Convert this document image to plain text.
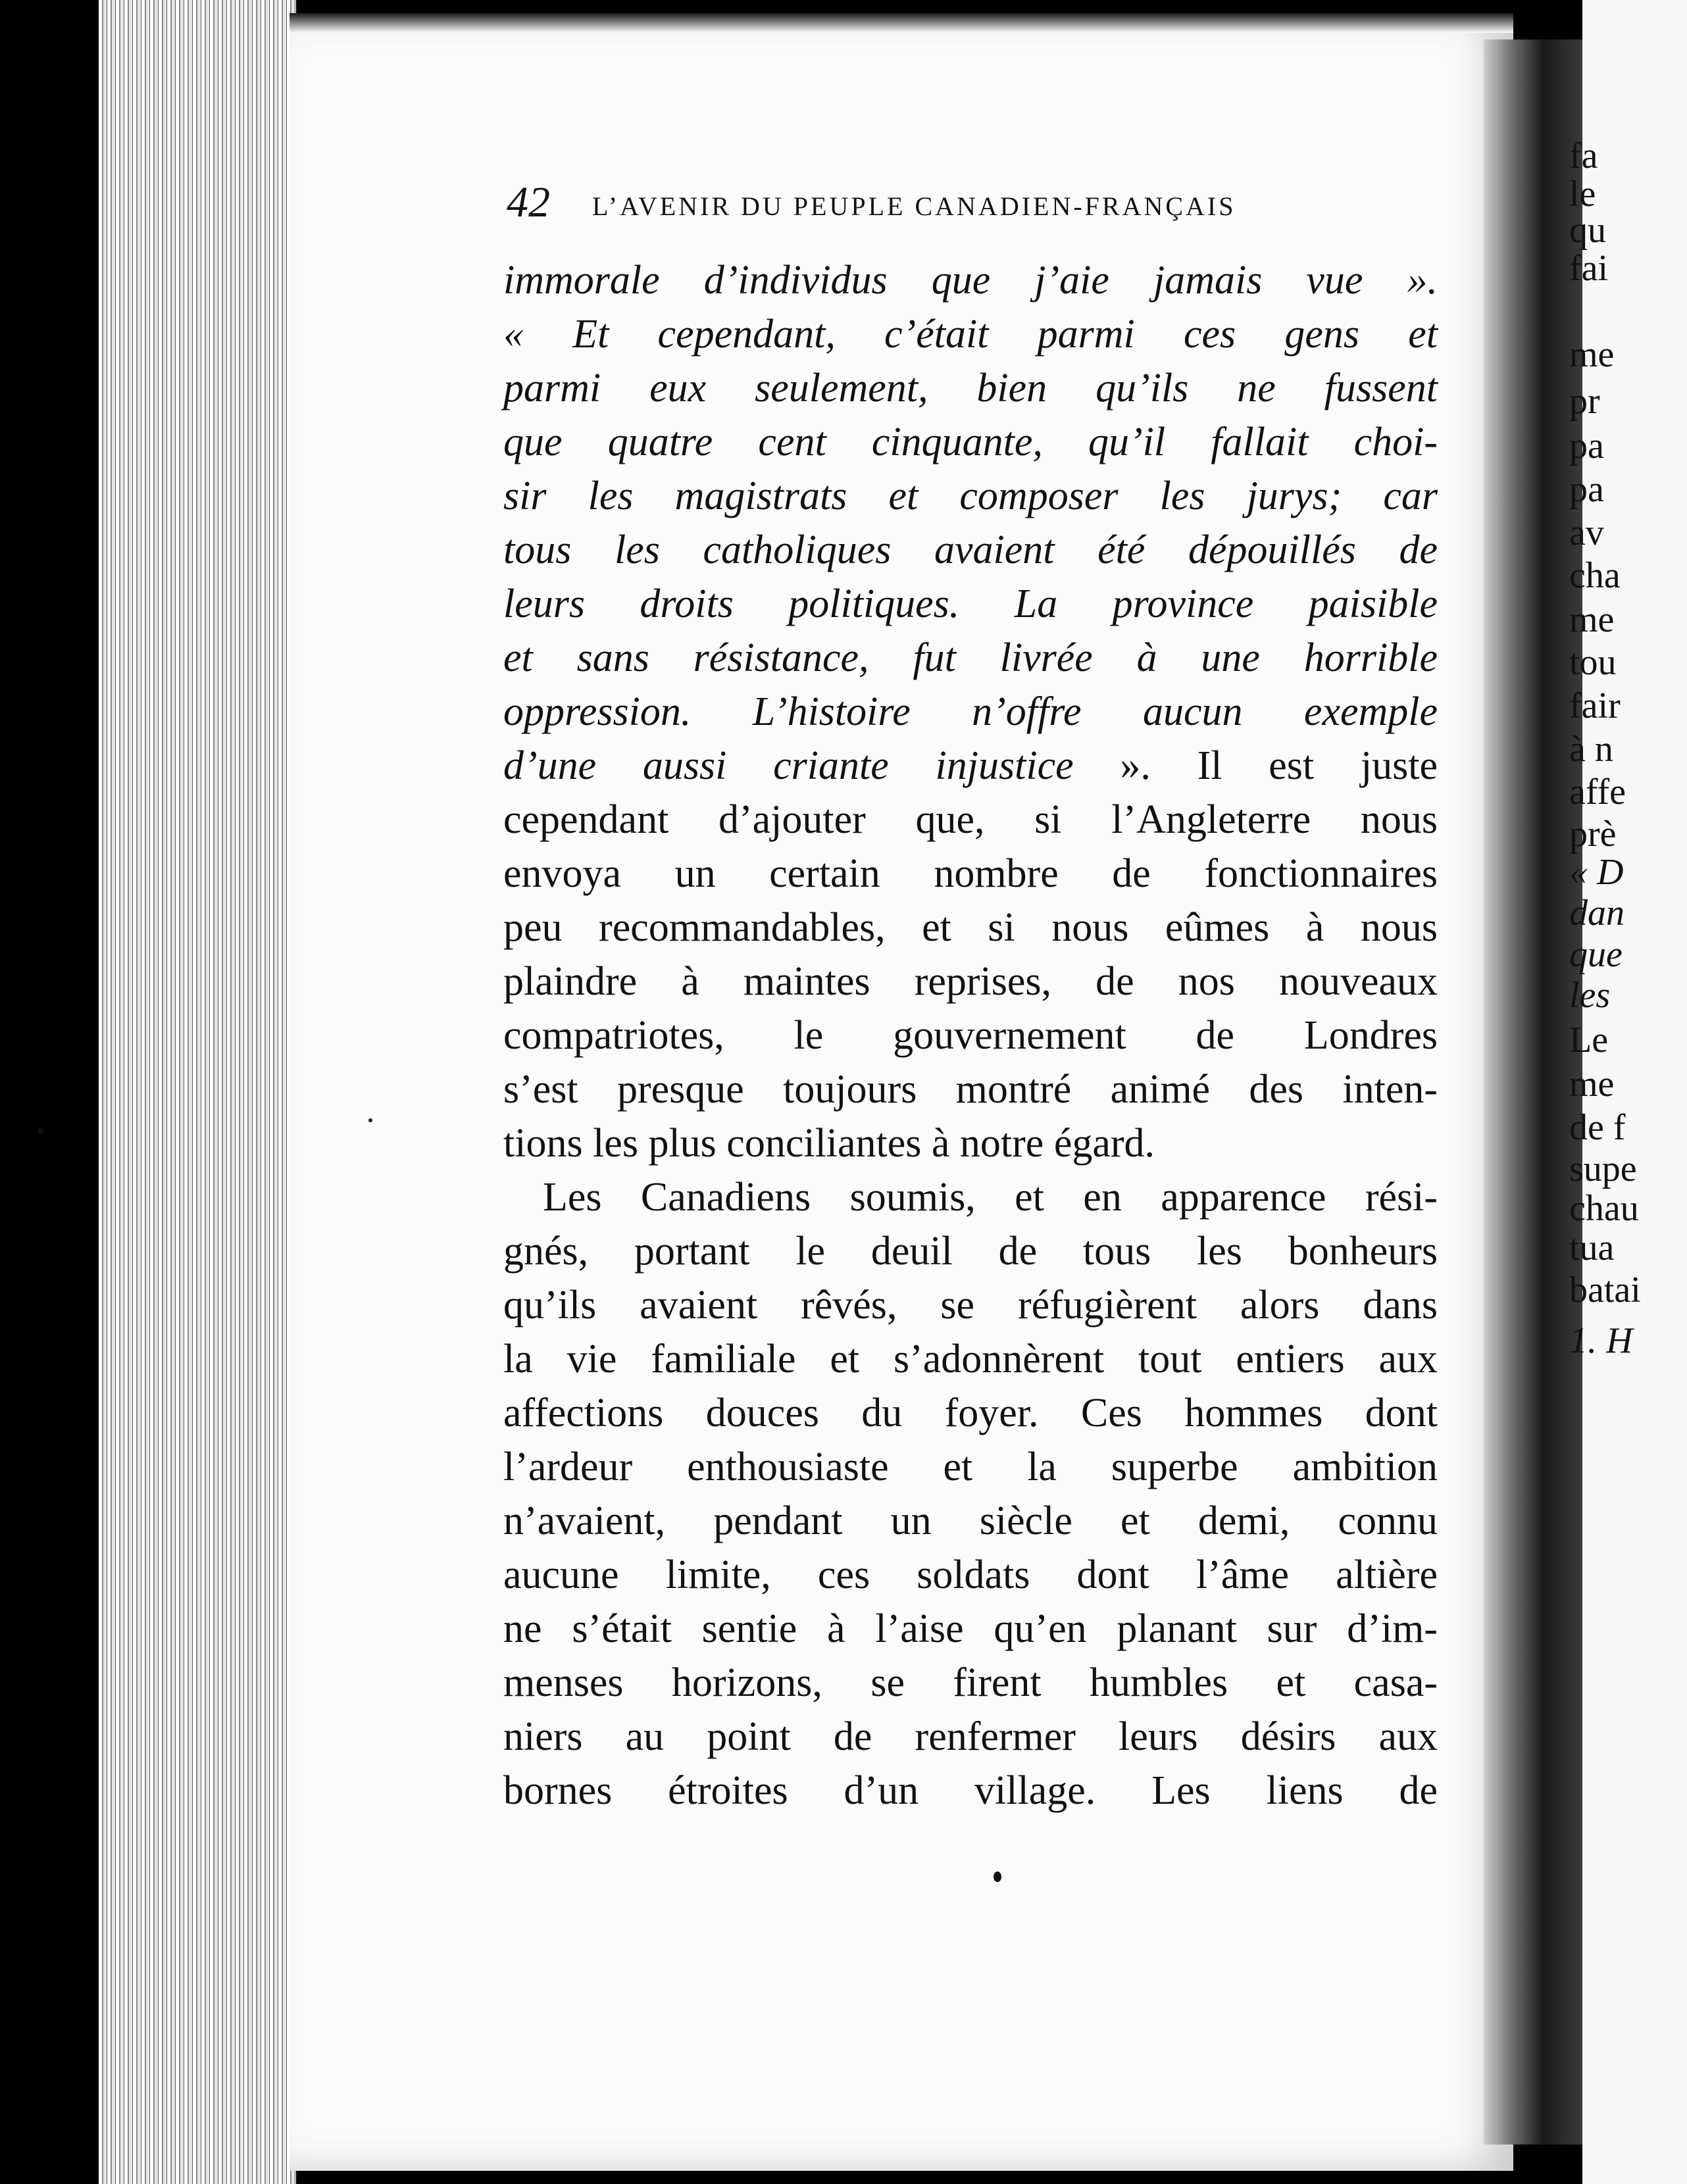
fa
le
qu
fai
me
pr
pa
pa
av
cha
me
tou
fair
à n
affe
prè
« D
dan
que
les
Le
me
de f
supe
chau
tua
batai
1. H
42 L’AVENIR DU PEUPLE CANADIEN-FRANÇAIS
immorale d’individus que j’aie jamais vue ».
« Et cependant, c’était parmi ces gens et
parmi eux seulement, bien qu’ils ne fussent
que quatre cent cinquante, qu’il fallait choi-
sir les magistrats et composer les jurys; car
tous les catholiques avaient été dépouillés de
leurs droits politiques. La province paisible
et sans résistance, fut livrée à une horrible
oppression. L’histoire n’offre aucun exemple
d’une aussi criante injustice ». Il est juste
cependant d’ajouter que, si l’Angleterre nous
envoya un certain nombre de fonctionnaires
peu recommandables, et si nous eûmes à nous
plaindre à maintes reprises, de nos nouveaux
compatriotes, le gouvernement de Londres
s’est presque toujours montré animé des inten-
tions les plus conciliantes à notre égard.
Les Canadiens soumis, et en apparence rési-
gnés, portant le deuil de tous les bonheurs
qu’ils avaient rêvés, se réfugièrent alors dans
la vie familiale et s’adonnèrent tout entiers aux
affections douces du foyer. Ces hommes dont
l’ardeur enthousiaste et la superbe ambition
n’avaient, pendant un siècle et demi, connu
aucune limite, ces soldats dont l’âme altière
ne s’était sentie à l’aise qu’en planant sur d’im-
menses horizons, se firent humbles et casa-
niers au point de renfermer leurs désirs aux
bornes étroites d’un village. Les liens de
